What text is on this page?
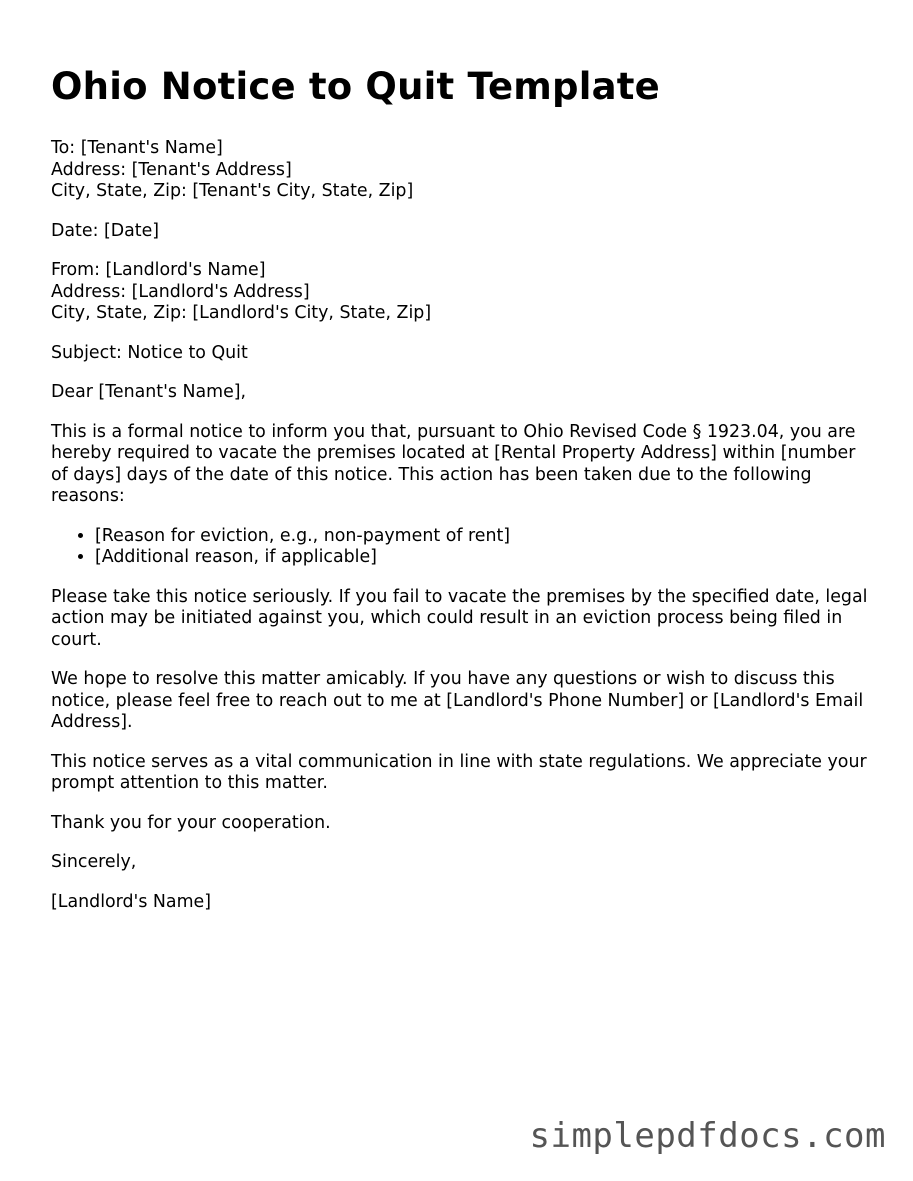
Ohio Notice to Quit Template

To: [Tenant's Name]
Address: [Tenant's Address]
City, State, Zip: [Tenant's City, State, Zip]

Date: [Date]

From: [Landlord's Name]
Address: [Landlord's Address]
City, State, Zip: [Landlord's City, State, Zip]

Subject: Notice to Quit

Dear [Tenant's Name],

This is a formal notice to inform you that, pursuant to Ohio Revised Code § 1923.04, you are hereby required to vacate the premises located at [Rental Property Address] within [number of days] days of the date of this notice. This action has been taken due to the following reasons:

• [Reason for eviction, e.g., non-payment of rent]
• [Additional reason, if applicable]

Please take this notice seriously. If you fail to vacate the premises by the specified date, legal action may be initiated against you, which could result in an eviction process being filed in court.

We hope to resolve this matter amicably. If you have any questions or wish to discuss this notice, please feel free to reach out to me at [Landlord's Phone Number] or [Landlord's Email Address].

This notice serves as a vital communication in line with state regulations. We appreciate your prompt attention to this matter.

Thank you for your cooperation.

Sincerely,

[Landlord's Name]

simplepdfdocs.com
